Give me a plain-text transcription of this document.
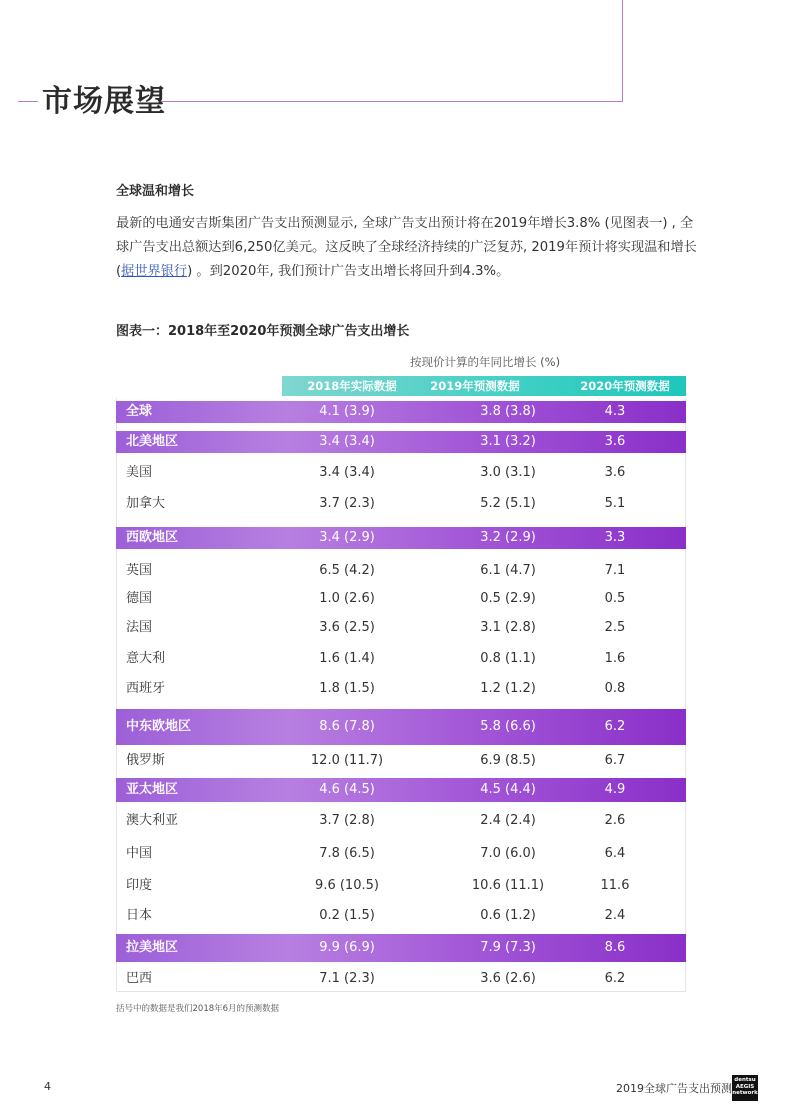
市场展望
全球温和增长

最新的电通安吉斯集团广告支出预测显示, 全球广告支出预计将在2019年增长3.8% (见图表一) , 全球广告支出总额达到6,250亿美元。这反映了全球经济持续的广泛复苏, 2019年预计将实现温和增长 (据世界银行) 。到2020年, 我们预计广告支出增长将回升到4.3%。

图表一：2018年至2020年预测全球广告支出增长
按现价计算的年同比增长 (%)
2018年实际数据	2019年预测数据	2020年预测数据
全球	4.1 (3.9)	3.8 (3.8)	4.3
北美地区	3.4 (3.4)	3.1 (3.2)	3.6
美国	3.4 (3.4)	3.0 (3.1)	3.6
加拿大	3.7 (2.3)	5.2 (5.1)	5.1
西欧地区	3.4 (2.9)	3.2 (2.9)	3.3
英国	6.5 (4.2)	6.1 (4.7)	7.1
德国	1.0 (2.6)	0.5 (2.9)	0.5
法国	3.6 (2.5)	3.1 (2.8)	2.5
意大利	1.6 (1.4)	0.8 (1.1)	1.6
西班牙	1.8 (1.5)	1.2 (1.2)	0.8
中东欧地区	8.6 (7.8)	5.8 (6.6)	6.2
俄罗斯	12.0 (11.7)	6.9 (8.5)	6.7
亚太地区	4.6 (4.5)	4.5 (4.4)	4.9
澳大利亚	3.7 (2.8)	2.4 (2.4)	2.6
中国	7.8 (6.5)	7.0 (6.0)	6.4
印度	9.6 (10.5)	10.6 (11.1)	11.6
日本	0.2 (1.5)	0.6 (1.2)	2.4
拉美地区	9.9 (6.9)	7.9 (7.3)	8.6
巴西	7.1 (2.3)	3.6 (2.6)	6.2
括号中的数据是我们2018年6月的预测数据
4	2019全球广告支出预测
dentsu
AEGIS
network
